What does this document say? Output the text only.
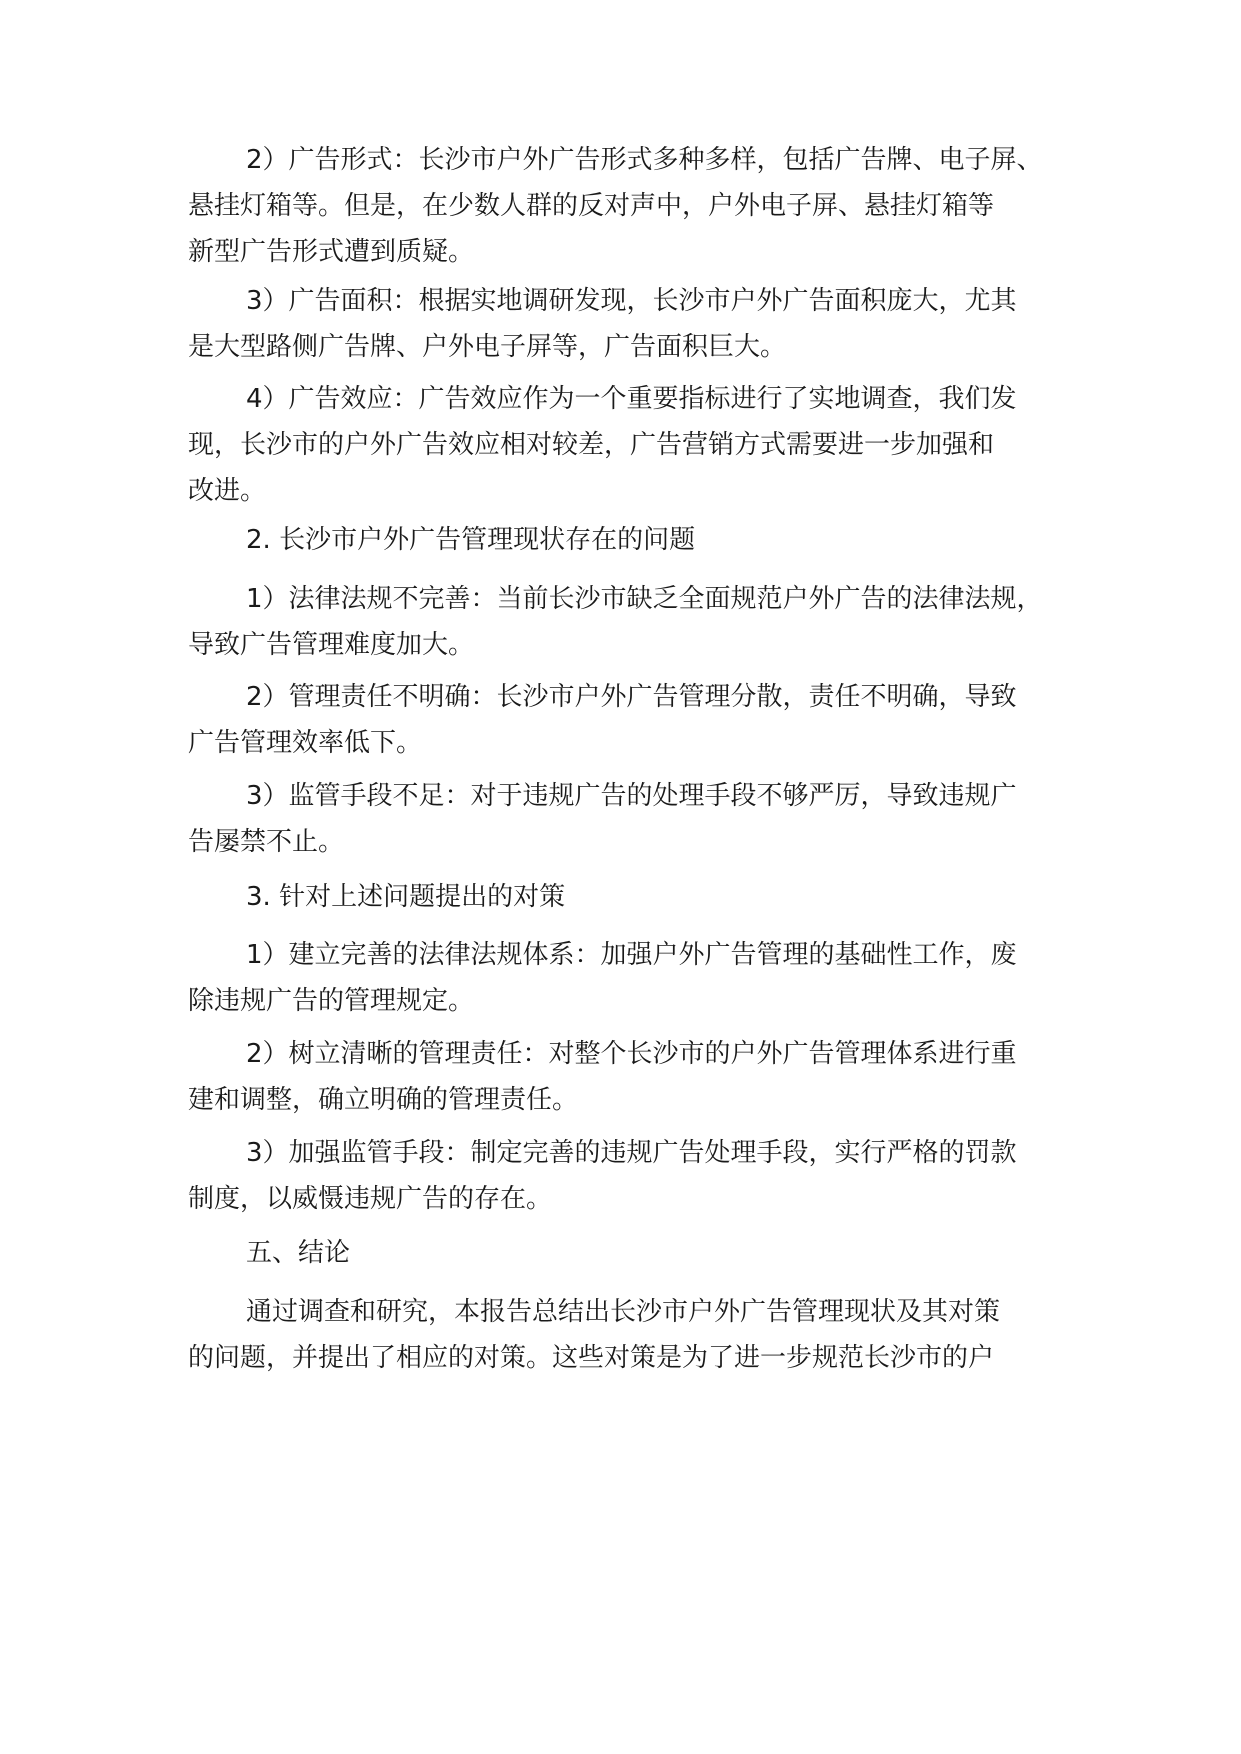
2）广告形式：长沙市户外广告形式多种多样，包括广告牌、电子屏、
悬挂灯箱等。但是，在少数人群的反对声中，户外电子屏、悬挂灯箱等
新型广告形式遭到质疑。
3）广告面积：根据实地调研发现，长沙市户外广告面积庞大，尤其
是大型路侧广告牌、户外电子屏等，广告面积巨大。
4）广告效应：广告效应作为一个重要指标进行了实地调查，我们发
现，长沙市的户外广告效应相对较差，广告营销方式需要进一步加强和
改进。
2. 长沙市户外广告管理现状存在的问题
1）法律法规不完善：当前长沙市缺乏全面规范户外广告的法律法规，
导致广告管理难度加大。
2）管理责任不明确：长沙市户外广告管理分散，责任不明确，导致
广告管理效率低下。
3）监管手段不足：对于违规广告的处理手段不够严厉，导致违规广
告屡禁不止。
3. 针对上述问题提出的对策
1）建立完善的法律法规体系：加强户外广告管理的基础性工作，废
除违规广告的管理规定。
2）树立清晰的管理责任：对整个长沙市的户外广告管理体系进行重
建和调整，确立明确的管理责任。
3）加强监管手段：制定完善的违规广告处理手段，实行严格的罚款
制度，以威慑违规广告的存在。
五、结论
通过调查和研究，本报告总结出长沙市户外广告管理现状及其对策
的问题，并提出了相应的对策。这些对策是为了进一步规范长沙市的户
